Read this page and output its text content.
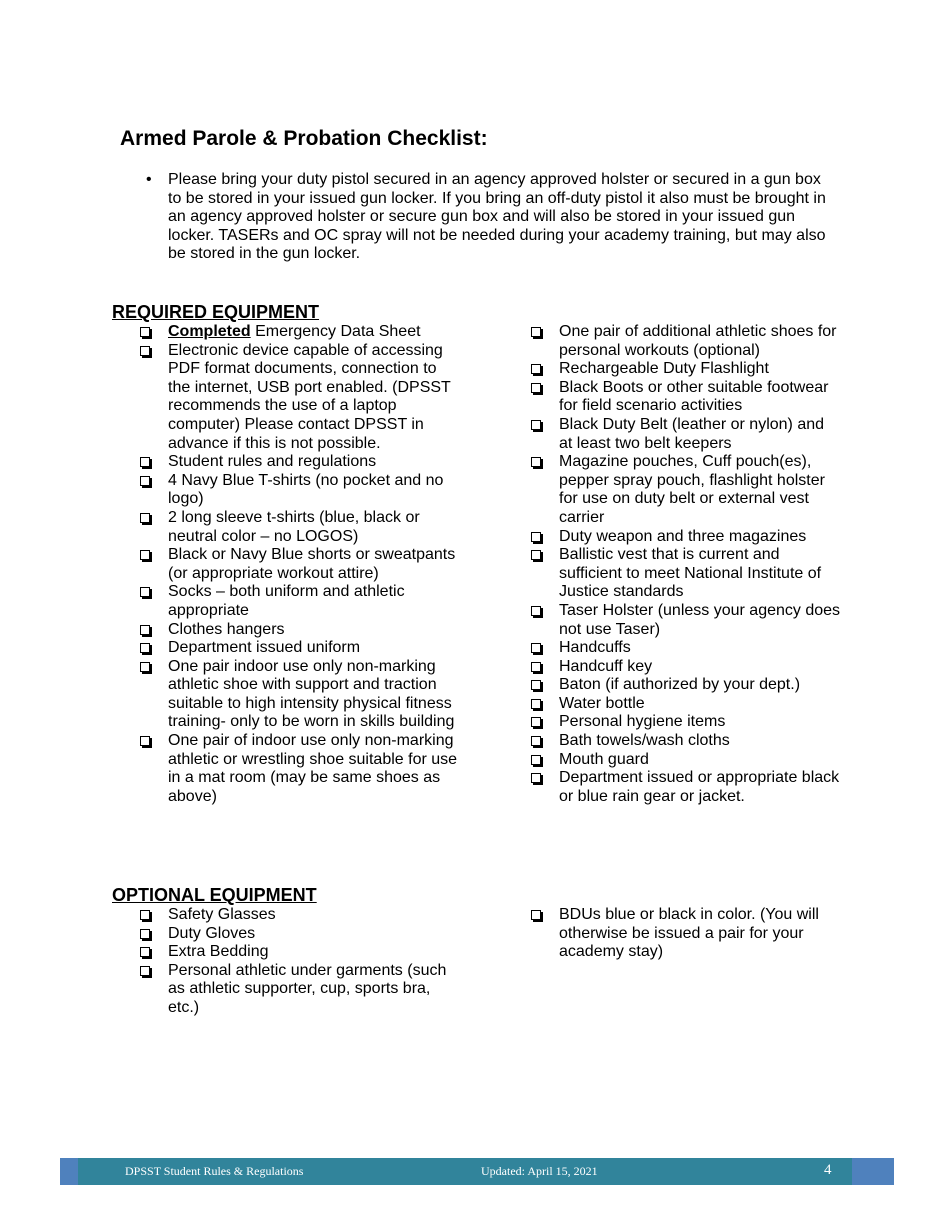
Armed Parole & Probation Checklist:
•	Please bring your duty pistol secured in an agency approved holster or secured in a gun box to be stored in your issued gun locker. If you bring an off-duty pistol it also must be brought in an agency approved holster or secure gun box and will also be stored in your issued gun locker. TASERs and OC spray will not be needed during your academy training, but may also be stored in the gun locker.
REQUIRED EQUIPMENT
Completed Emergency Data Sheet
Electronic device capable of accessing PDF format documents, connection to the internet, USB port enabled. (DPSST recommends the use of a laptop computer) Please contact DPSST in advance if this is not possible.
Student rules and regulations
4 Navy Blue T-shirts (no pocket and no logo)
2 long sleeve t-shirts (blue, black or neutral color – no LOGOS)
Black or Navy Blue shorts or sweatpants (or appropriate workout attire)
Socks – both uniform and athletic appropriate
Clothes hangers
Department issued uniform
One pair indoor use only non-marking athletic shoe with support and traction suitable to high intensity physical fitness training- only to be worn in skills building
One pair of indoor use only non-marking athletic or wrestling shoe suitable for use in a mat room (may be same shoes as above)
One pair of additional athletic shoes for personal workouts (optional)
Rechargeable Duty Flashlight
Black Boots or other suitable footwear for field scenario activities
Black Duty Belt (leather or nylon) and at least two belt keepers
Magazine pouches, Cuff pouch(es), pepper spray pouch, flashlight holster for use on duty belt or external vest carrier
Duty weapon and three magazines
Ballistic vest that is current and sufficient to meet National Institute of Justice standards
Taser Holster (unless your agency does not use Taser)
Handcuffs
Handcuff key
Baton (if authorized by your dept.)
Water bottle
Personal hygiene items
Bath towels/wash cloths
Mouth guard
Department issued or appropriate black or blue rain gear or jacket.
OPTIONAL EQUIPMENT
Safety Glasses
Duty Gloves
Extra Bedding
Personal athletic under garments (such as athletic supporter, cup, sports bra, etc.)
BDUs blue or black in color. (You will otherwise be issued a pair for your academy stay)
DPSST Student Rules & Regulations	Updated: April 15, 2021	4
